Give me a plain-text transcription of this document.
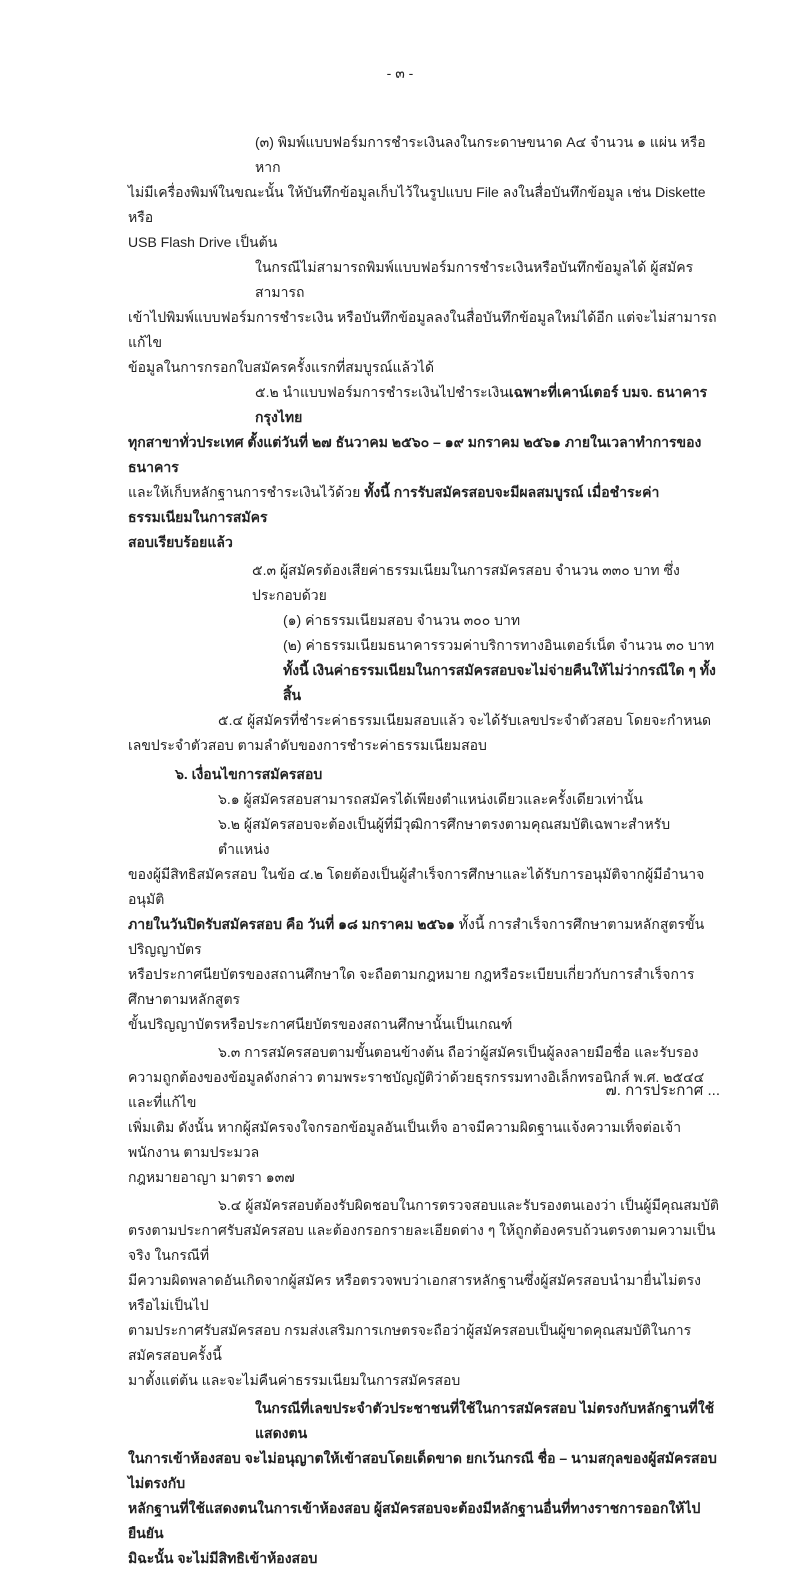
- ๓ -
(๓) พิมพ์แบบฟอร์มการชำระเงินลงในกระดาษขนาด A๔ จำนวน ๑ แผ่น หรือหาก
ไม่มีเครื่องพิมพ์ในขณะนั้น ให้บันทึกข้อมูลเก็บไว้ในรูปแบบ File ลงในสื่อบันทึกข้อมูล เช่น Diskette หรือ
USB Flash Drive เป็นต้น
ในกรณีไม่สามารถพิมพ์แบบฟอร์มการชำระเงินหรือบันทึกข้อมูลได้ ผู้สมัครสามารถ
เข้าไปพิมพ์แบบฟอร์มการชำระเงิน หรือบันทึกข้อมูลลงในสื่อบันทึกข้อมูลใหม่ได้อีก แต่จะไม่สามารถแก้ไข
ข้อมูลในการกรอกใบสมัครครั้งแรกที่สมบูรณ์แล้วได้
๕.๒ นำแบบฟอร์มการชำระเงินไปชำระเงินเฉพาะที่เคาน์เตอร์ บมจ. ธนาคารกรุงไทย
ทุกสาขาทั่วประเทศ ตั้งแต่วันที่ ๒๗ ธันวาคม ๒๕๖๐ – ๑๙ มกราคม ๒๕๖๑ ภายในเวลาทำการของธนาคาร
และให้เก็บหลักฐานการชำระเงินไว้ด้วย ทั้งนี้ การรับสมัครสอบจะมีผลสมบูรณ์ เมื่อชำระค่าธรรมเนียมในการสมัคร
สอบเรียบร้อยแล้ว
๕.๓ ผู้สมัครต้องเสียค่าธรรมเนียมในการสมัครสอบ จำนวน ๓๓๐ บาท ซึ่งประกอบด้วย
(๑) ค่าธรรมเนียมสอบ จำนวน ๓๐๐ บาท
(๒) ค่าธรรมเนียมธนาคารรวมค่าบริการทางอินเตอร์เน็ต จำนวน ๓๐ บาท
ทั้งนี้ เงินค่าธรรมเนียมในการสมัครสอบจะไม่จ่ายคืนให้ไม่ว่ากรณีใด ๆ ทั้งสิ้น
๕.๔ ผู้สมัครที่ชำระค่าธรรมเนียมสอบแล้ว จะได้รับเลขประจำตัวสอบ โดยจะกำหนด
เลขประจำตัวสอบ ตามลำดับของการชำระค่าธรรมเนียมสอบ
๖. เงื่อนไขการสมัครสอบ
๖.๑ ผู้สมัครสอบสามารถสมัครได้เพียงตำแหน่งเดียวและครั้งเดียวเท่านั้น
๖.๒ ผู้สมัครสอบจะต้องเป็นผู้ที่มีวุฒิการศึกษาตรงตามคุณสมบัติเฉพาะสำหรับตำแหน่ง
ของผู้มีสิทธิสมัครสอบ ในข้อ ๔.๒ โดยต้องเป็นผู้สำเร็จการศึกษาและได้รับการอนุมัติจากผู้มีอำนาจอนุมัติ
ภายในวันปิดรับสมัครสอบ คือ วันที่ ๑๘ มกราคม ๒๕๖๑ ทั้งนี้ การสำเร็จการศึกษาตามหลักสูตรขั้นปริญญาบัตร
หรือประกาศนียบัตรของสถานศึกษาใด จะถือตามกฎหมาย กฎหรือระเบียบเกี่ยวกับการสำเร็จการศึกษาตามหลักสูตร
ขั้นปริญญาบัตรหรือประกาศนียบัตรของสถานศึกษานั้นเป็นเกณฑ์
๖.๓ การสมัครสอบตามขั้นตอนข้างต้น ถือว่าผู้สมัครเป็นผู้ลงลายมือชื่อ และรับรอง
ความถูกต้องของข้อมูลดังกล่าว ตามพระราชบัญญัติว่าด้วยธุรกรรมทางอิเล็กทรอนิกส์ พ.ศ. ๒๕๔๔ และที่แก้ไข
เพิ่มเติม ดังนั้น หากผู้สมัครจงใจกรอกข้อมูลอันเป็นเท็จ อาจมีความผิดฐานแจ้งความเท็จต่อเจ้าพนักงาน ตามประมวล
กฎหมายอาญา มาตรา ๑๓๗
๖.๔ ผู้สมัครสอบต้องรับผิดชอบในการตรวจสอบและรับรองตนเองว่า เป็นผู้มีคุณสมบัติ
ตรงตามประกาศรับสมัครสอบ และต้องกรอกรายละเอียดต่าง ๆ ให้ถูกต้องครบถ้วนตรงตามความเป็นจริง ในกรณีที่
มีความผิดพลาดอันเกิดจากผู้สมัคร หรือตรวจพบว่าเอกสารหลักฐานซึ่งผู้สมัครสอบนำมายื่นไม่ตรง หรือไม่เป็นไป
ตามประกาศรับสมัครสอบ กรมส่งเสริมการเกษตรจะถือว่าผู้สมัครสอบเป็นผู้ขาดคุณสมบัติในการสมัครสอบครั้งนี้
มาตั้งแต่ต้น และจะไม่คืนค่าธรรมเนียมในการสมัครสอบ
ในกรณีที่เลขประจำตัวประชาชนที่ใช้ในการสมัครสอบ ไม่ตรงกับหลักฐานที่ใช้แสดงตน
ในการเข้าห้องสอบ จะไม่อนุญาตให้เข้าสอบโดยเด็ดขาด ยกเว้นกรณี ชื่อ – นามสกุลของผู้สมัครสอบไม่ตรงกับ
หลักฐานที่ใช้แสดงตนในการเข้าห้องสอบ ผู้สมัครสอบจะต้องมีหลักฐานอื่นที่ทางราชการออกให้ไปยืนยัน
มิฉะนั้น จะไม่มีสิทธิเข้าห้องสอบ
๗. การประกาศ ...
